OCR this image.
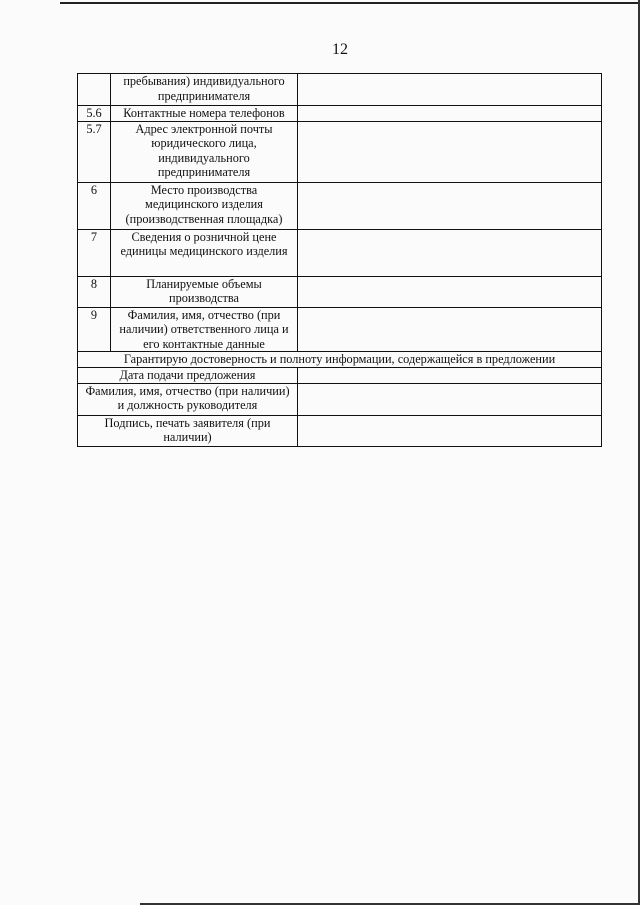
12
	пребывания) индивидуального предпринимателя	
5.6	Контактные номера телефонов	
5.7	Адрес электронной почты юридического лица, индивидуального предпринимателя	
6	Место производства медицинского изделия (производственная площадка)	
7	Сведения о розничной цене единицы медицинского изделия	
8	Планируемые объемы производства	
9	Фамилия, имя, отчество (при наличии) ответственного лица и его контактные данные	
Гарантирую достоверность и полноту информации, содержащейся в предложении		
Дата подачи предложения		
Фамилия, имя, отчество (при наличии) и должность руководителя		
Подпись, печать заявителя (при наличии)		
